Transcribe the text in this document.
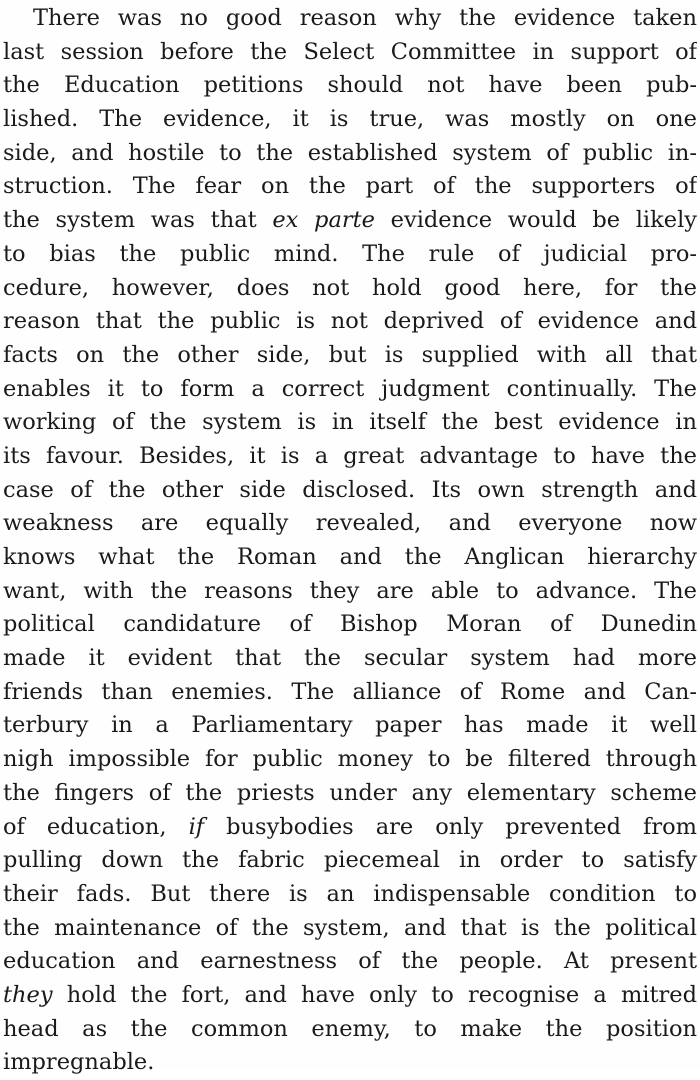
There was no good reason why the evidence taken
last session before the Select Committee in support of
the Education petitions should not have been pub-
lished. The evidence, it is true, was mostly on one
side, and hostile to the established system of public in-
struction. The fear on the part of the supporters of
the system was that ex parte evidence would be likely
to bias the public mind. The rule of judicial pro-
cedure, however, does not hold good here, for the
reason that the public is not deprived of evidence and
facts on the other side, but is supplied with all that
enables it to form a correct judgment continually. The
working of the system is in itself the best evidence in
its favour. Besides, it is a great advantage to have the
case of the other side disclosed. Its own strength and
weakness are equally revealed, and everyone now
knows what the Roman and the Anglican hierarchy
want, with the reasons they are able to advance. The
political candidature of Bishop Moran of Dunedin
made it evident that the secular system had more
friends than enemies. The alliance of Rome and Can-
terbury in a Parliamentary paper has made it well
nigh impossible for public money to be filtered through
the fingers of the priests under any elementary scheme
of education, if busybodies are only prevented from
pulling down the fabric piecemeal in order to satisfy
their fads. But there is an indispensable condition to
the maintenance of the system, and that is the political
education and earnestness of the people. At present
they hold the fort, and have only to recognise a mitred
head as the common enemy, to make the position
impregnable.
